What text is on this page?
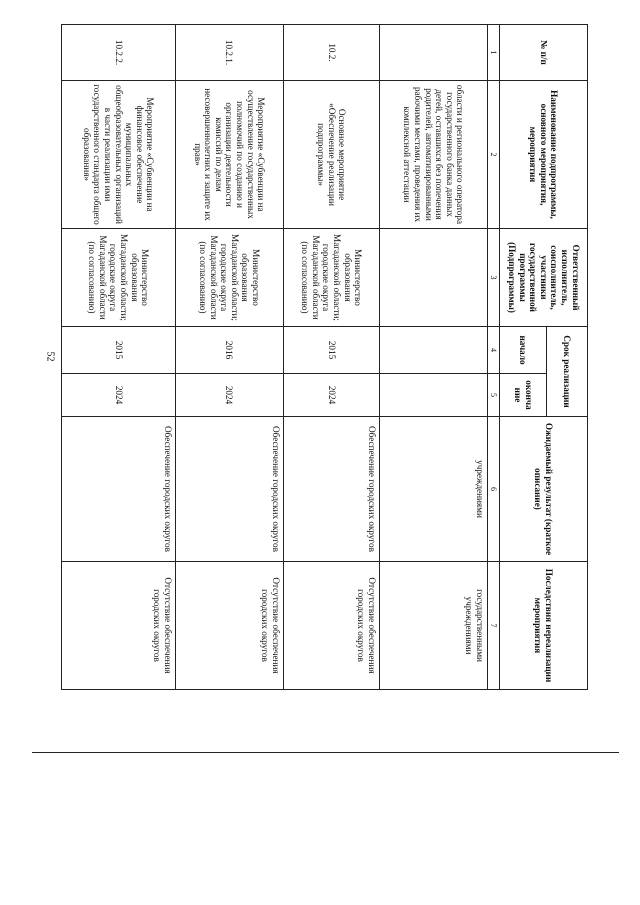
52
№ п/п	Наименование подпрограммы, основного мероприятия, мероприятия	Ответственный исполнитель, соисполнитель, участники государственной программы (Подпрограммы)	Срок реализации		Ожидаемый результат (краткое описание)	Последствия нереализации мероприятия
			начало	оконча ние		
1	2	3	4	5	6	7
	области и регионального оператора государственного банка данных детей, оставшихся без попечения родителей, автоматизированными рабочими местами, проведения их комплексной аттестации				учреждениями	государственными учреждениями
10.2.	Основное мероприятие «Обеспечение реализации подпрограммы»	Министерство образования Магаданской области; городские округа Магаданской области (по согласованию)	2015	2024	Обеспечение городских округов	Отсутствие обеспечения городских округов
10.2.1.	Мероприятие «Субвенции на осуществление государственных полномочий по созданию и организации деятельности комиссий по делам несовершеннолетних и защите их прав»	Министерство образования Магаданской области; городские округа Магаданской области (по согласованию)	2016	2024	Обеспечение городских округов	Отсутствие обеспечения городских округов
10.2.2.	Мероприятие «Субвенции на финансовое обеспечение муниципальных общеобразовательных организаций в части реализации ими государственного стандарта общего образования»	Министерство образования Магаданской области; городские округа Магаданской области (по согласованию)	2015	2024	Обеспечение городских округов	Отсутствие обеспечения городских округов
